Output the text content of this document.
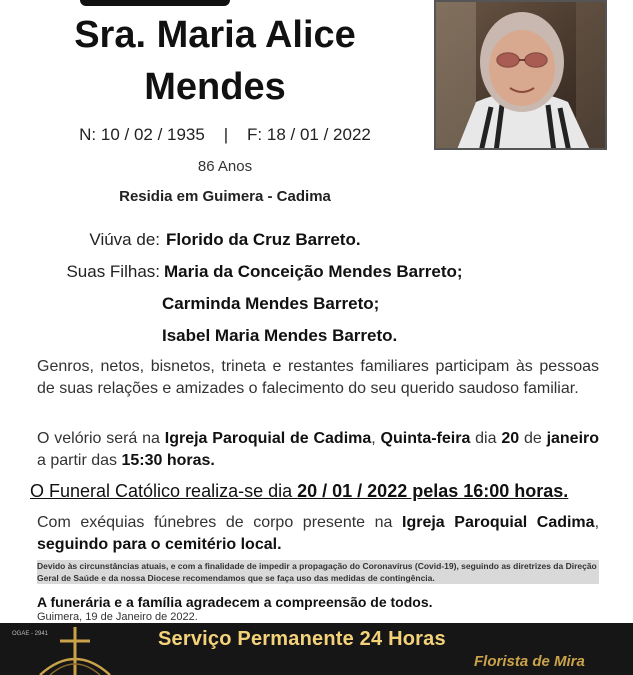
Sra. Maria Alice
Mendes
N: 10 / 02 / 1935    |    F: 18 / 01 / 2022
86 Anos
Residia em Guimera - Cadima
Viúva de: Florido da Cruz Barreto.
Suas Filhas: Maria da Conceição Mendes Barreto;
Carminda Mendes Barreto;
Isabel Maria Mendes Barreto.
Genros, netos, bisnetos, trineta e restantes familiares participam às pessoas de suas relações e amizades o falecimento do seu querido saudoso familiar.
O velório será na Igreja Paroquial de Cadima, Quinta-feira dia 20 de janeiro a partir das 15:30 horas.
O Funeral Católico realiza-se dia 20 / 01 / 2022 pelas 16:00 horas.
Com exéquias fúnebres de corpo presente na Igreja Paroquial Cadima, seguindo para o cemitério local.
Devido às circunstâncias atuais, e com a finalidade de impedir a propagação do Coronavírus (Covid-19), seguindo as diretrizes da Direção Geral de Saúde e da nossa Diocese recomendamos que se faça uso das medidas de contingência.
A funerária e a família agradecem a compreensão de todos.
Guimera, 19 de Janeiro de 2022.
OGAE - 2941	Serviço Permanente 24 Horas
Florista de Mira
